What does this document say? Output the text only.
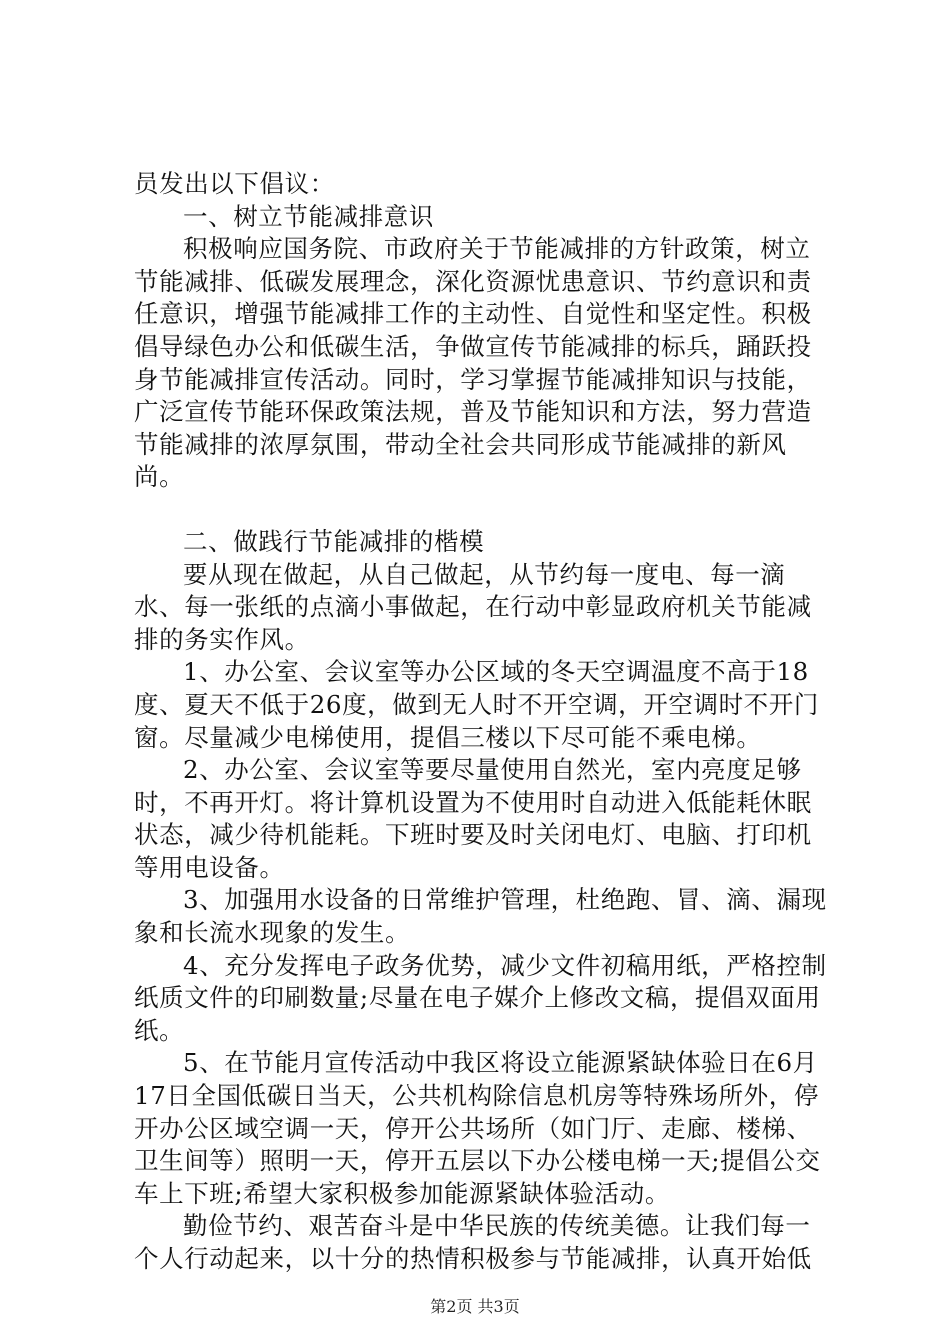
员发出以下倡议：

一、树立节能减排意识

积极响应国务院、市政府关于节能减排的方针政策，树立节能减排、低碳发展理念，深化资源忧患意识、节约意识和责任意识，增强节能减排工作的主动性、自觉性和坚定性。积极倡导绿色办公和低碳生活，争做宣传节能减排的标兵，踊跃投身节能减排宣传活动。同时，学习掌握节能减排知识与技能，广泛宣传节能环保政策法规，普及节能知识和方法，努力营造节能减排的浓厚氛围，带动全社会共同形成节能减排的新风尚。

二、做践行节能减排的楷模

要从现在做起，从自己做起，从节约每一度电、每一滴水、每一张纸的点滴小事做起，在行动中彰显政府机关节能减排的务实作风。

1、办公室、会议室等办公区域的冬天空调温度不高于18度、夏天不低于26度，做到无人时不开空调，开空调时不开门窗。尽量减少电梯使用，提倡三楼以下尽可能不乘电梯。

2、办公室、会议室等要尽量使用自然光，室内亮度足够时，不再开灯。将计算机设置为不使用时自动进入低能耗休眠状态，减少待机能耗。下班时要及时关闭电灯、电脑、打印机等用电设备。

3、加强用水设备的日常维护管理，杜绝跑、冒、滴、漏现象和长流水现象的发生。

4、充分发挥电子政务优势，减少文件初稿用纸，严格控制纸质文件的印刷数量;尽量在电子媒介上修改文稿，提倡双面用纸。

5、在节能月宣传活动中我区将设立能源紧缺体验日在6月17日全国低碳日当天，公共机构除信息机房等特殊场所外，停开办公区域空调一天，停开公共场所（如门厅、走廊、楼梯、卫生间等）照明一天，停开五层以下办公楼电梯一天;提倡公交车上下班;希望大家积极参加能源紧缺体验活动。

勤俭节约、艰苦奋斗是中华民族的传统美德。让我们每一个人行动起来，以十分的热情积极参与节能减排，认真开始低

第2页 共3页
